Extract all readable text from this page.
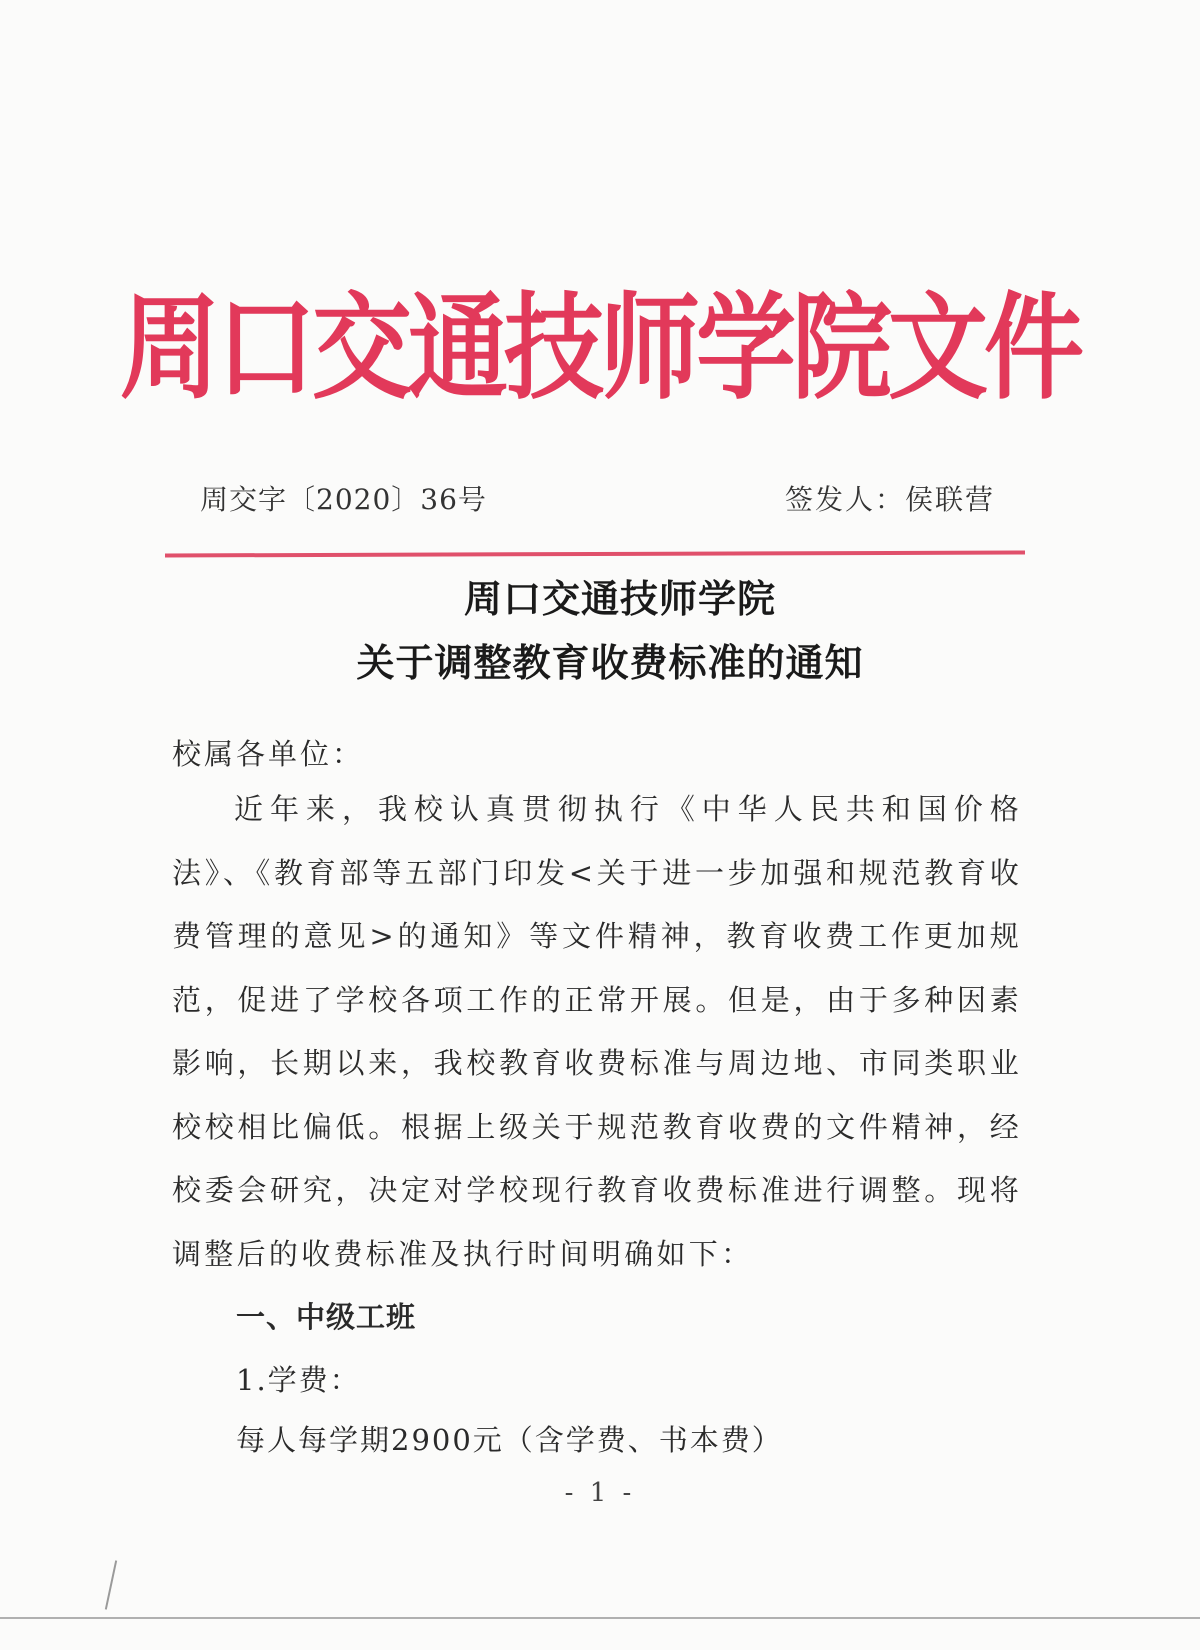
周口交通技师学院文件
周交字〔2020〕36号	签发人：侯联营
周口交通技师学院
关于调整教育收费标准的通知
校属各单位：

近年来，我校认真贯彻执行《中华人民共和国价格法》、《教育部等五部门印发<关于进一步加强和规范教育收费管理的意见>的通知》等文件精神，教育收费工作更加规范，促进了学校各项工作的正常开展。但是，由于多种因素影响，长期以来，我校教育收费标准与周边地、市同类职业校校相比偏低。根据上级关于规范教育收费的文件精神，经校委会研究，决定对学校现行教育收费标准进行调整。现将调整后的收费标准及执行时间明确如下：

一、中级工班
1.学费：
每人每学期2900元（含学费、书本费）
- 1 -
